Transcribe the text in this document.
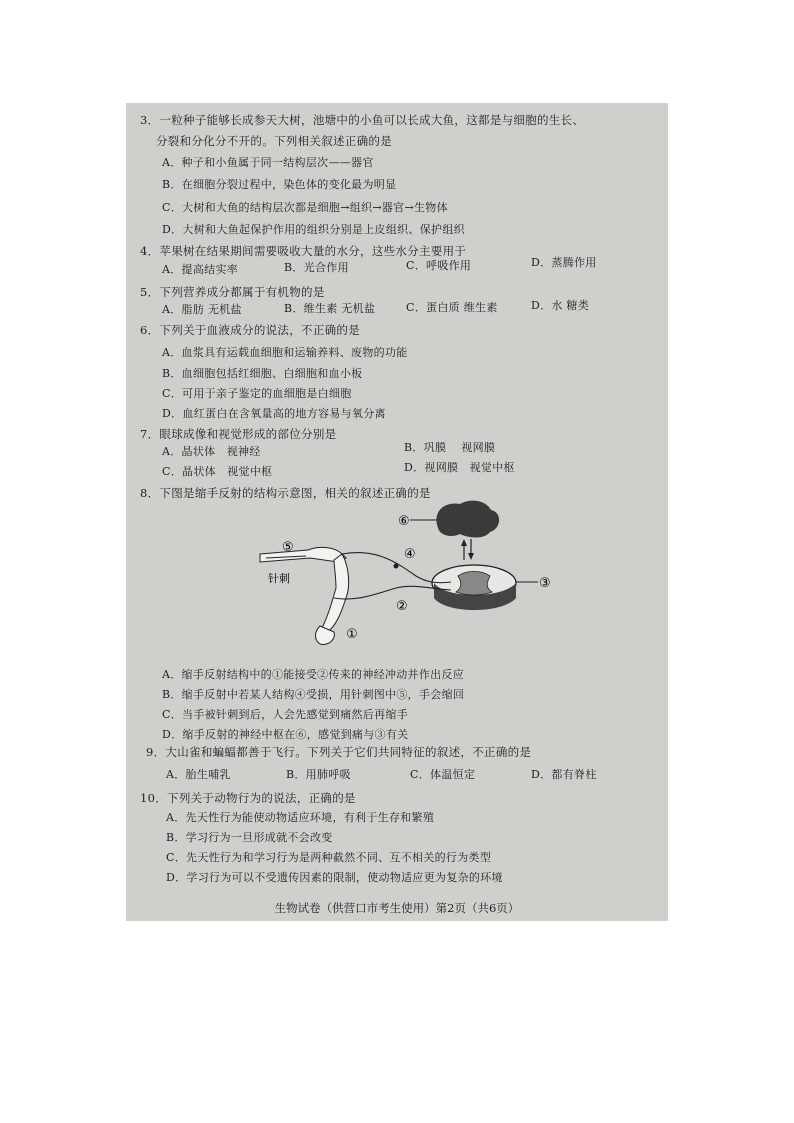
3．一粒种子能够长成参天大树，池塘中的小鱼可以长成大鱼，这都是与细胞的生长、
分裂和分化分不开的。下列相关叙述正确的是
A．种子和小鱼属于同一结构层次——器官
B．在细胞分裂过程中，染色体的变化最为明显
C．大树和大鱼的结构层次都是细胞→组织→器官→生物体
D．大树和大鱼起保护作用的组织分别是上皮组织、保护组织
4．苹果树在结果期间需要吸收大量的水分，这些水分主要用于
A．提高结实率	B．光合作用	C．呼吸作用	D．蒸腾作用
5．下列营养成分都属于有机物的是
A．脂肪 无机盐	B．维生素 无机盐	C．蛋白质 维生素	D．水 糖类
6．下列关于血液成分的说法，不正确的是
A．血浆具有运载血细胞和运输养料、废物的功能
B．血细胞包括红细胞、白细胞和血小板
C．可用于亲子鉴定的血细胞是白细胞
D．血红蛋白在含氧量高的地方容易与氧分离
7．眼球成像和视觉形成的部位分别是
A．晶状体　视神经	B．巩膜　 视网膜
C．晶状体　视觉中枢	D．视网膜　视觉中枢
8．下图是缩手反射的结构示意图，相关的叙述正确的是
⑥
④
⑤
③
②
①
针刺
A．缩手反射结构中的①能接受②传来的神经冲动并作出反应
B．缩手反射中若某人结构④受损，用针刺图中⑤，手会缩回
C．当手被针刺到后，人会先感觉到痛然后再缩手
D．缩手反射的神经中枢在⑥，感觉到痛与③有关
9．大山雀和蝙蝠都善于飞行。下列关于它们共同特征的叙述，不正确的是
A．胎生哺乳	B．用肺呼吸	C．体温恒定	D．都有脊柱
10．下列关于动物行为的说法，正确的是
A．先天性行为能使动物适应环境，有利于生存和繁殖
B．学习行为一旦形成就不会改变
C．先天性行为和学习行为是两种截然不同、互不相关的行为类型
D．学习行为可以不受遗传因素的限制，使动物适应更为复杂的环境
生物试卷（供营口市考生使用）第2页（共6页）
